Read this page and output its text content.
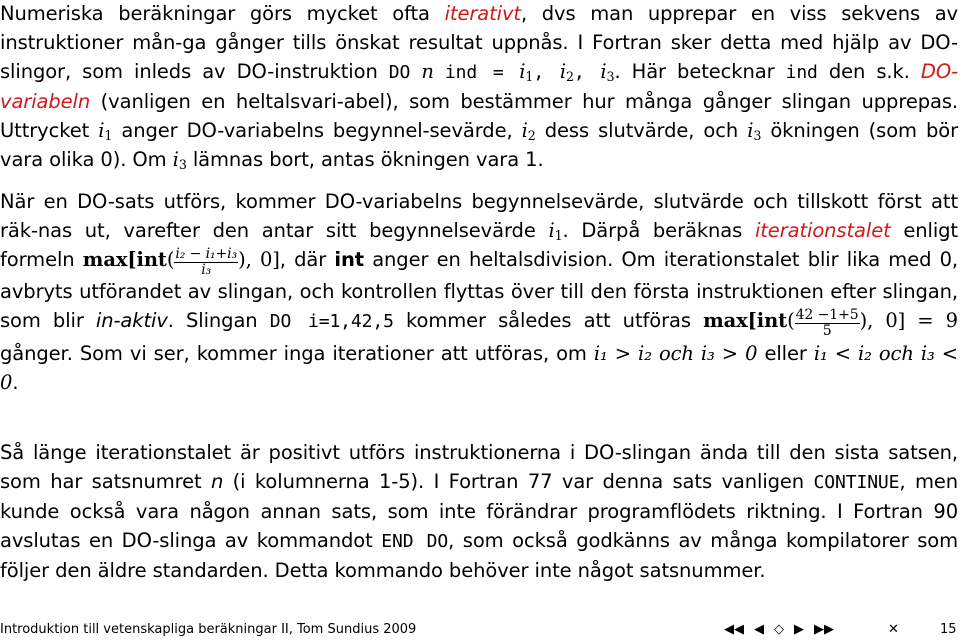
Numeriska beräkningar görs mycket ofta iterativt, dvs man upprepar en viss sekvens av instruktioner mån-ga gånger tills önskat resultat uppnås. I Fortran sker detta med hjälp av DO-slingor, som inleds av DO-instruktion DO n ind = $i_1$, $i_2$, $i_3$. Här betecknar ind den s.k. DO-variabeln (vanligen en heltalsvari-abel), som bestämmer hur många gånger slingan upprepas. Uttrycket $i_1$ anger DO-variabelns begynnel-sevärde, $i_2$ dess slutvärde, och $i_3$ ökningen (som bör vara olika 0). Om $i_3$ lämnas bort, antas ökningen vara 1.
När en DO-sats utförs, kommer DO-variabelns begynnelsevärde, slutvärde och tillskott först att räk-nas ut, varefter den antar sitt begynnelsevärde $i_1$. Därpå beräknas iterationstalet enligt formeln $\max[int( \frac{\text{i₂ − i₁+i₃}}{\text{i₃}}$ ), 0], där int anger en heltalsdivision. Om iterationstalet blir lika med 0, avbryts utförandet av slingan, och kontrollen flyttas över till den första instruktionen efter slingan, som blir in-aktiv. Slingan DO i=1,42,5 kommer således att utföras $\max[int( \frac{42 -1+5}{5}$ ), 0] = 9 gånger. Som vi ser, kommer inga iterationer att utföras, om i₁ > i₂ och i₃ > 0 eller i₁ < i₂ och i₃ < 0.
Så länge iterationstalet är positivt utförs instruktionerna i DO-slingan ända till den sista satsen, som har satsnumret n (i kolumnerna 1-5). I Fortran 77 var denna sats vanligen CONTINUE, men kunde också vara någon annan sats, som inte förändrar programflödets riktning. I Fortran 90 avslutas en DO-slinga av kommandot END DO, som också godkänns av många kompilatorer som följer den äldre standarden. Detta kommando behöver inte något satsnummer.
Introduktion till vetenskapliga beräkningar II, Tom Sundius 2009	◀◀ ◀ ◇ ▶ ▶▶	✕	15
